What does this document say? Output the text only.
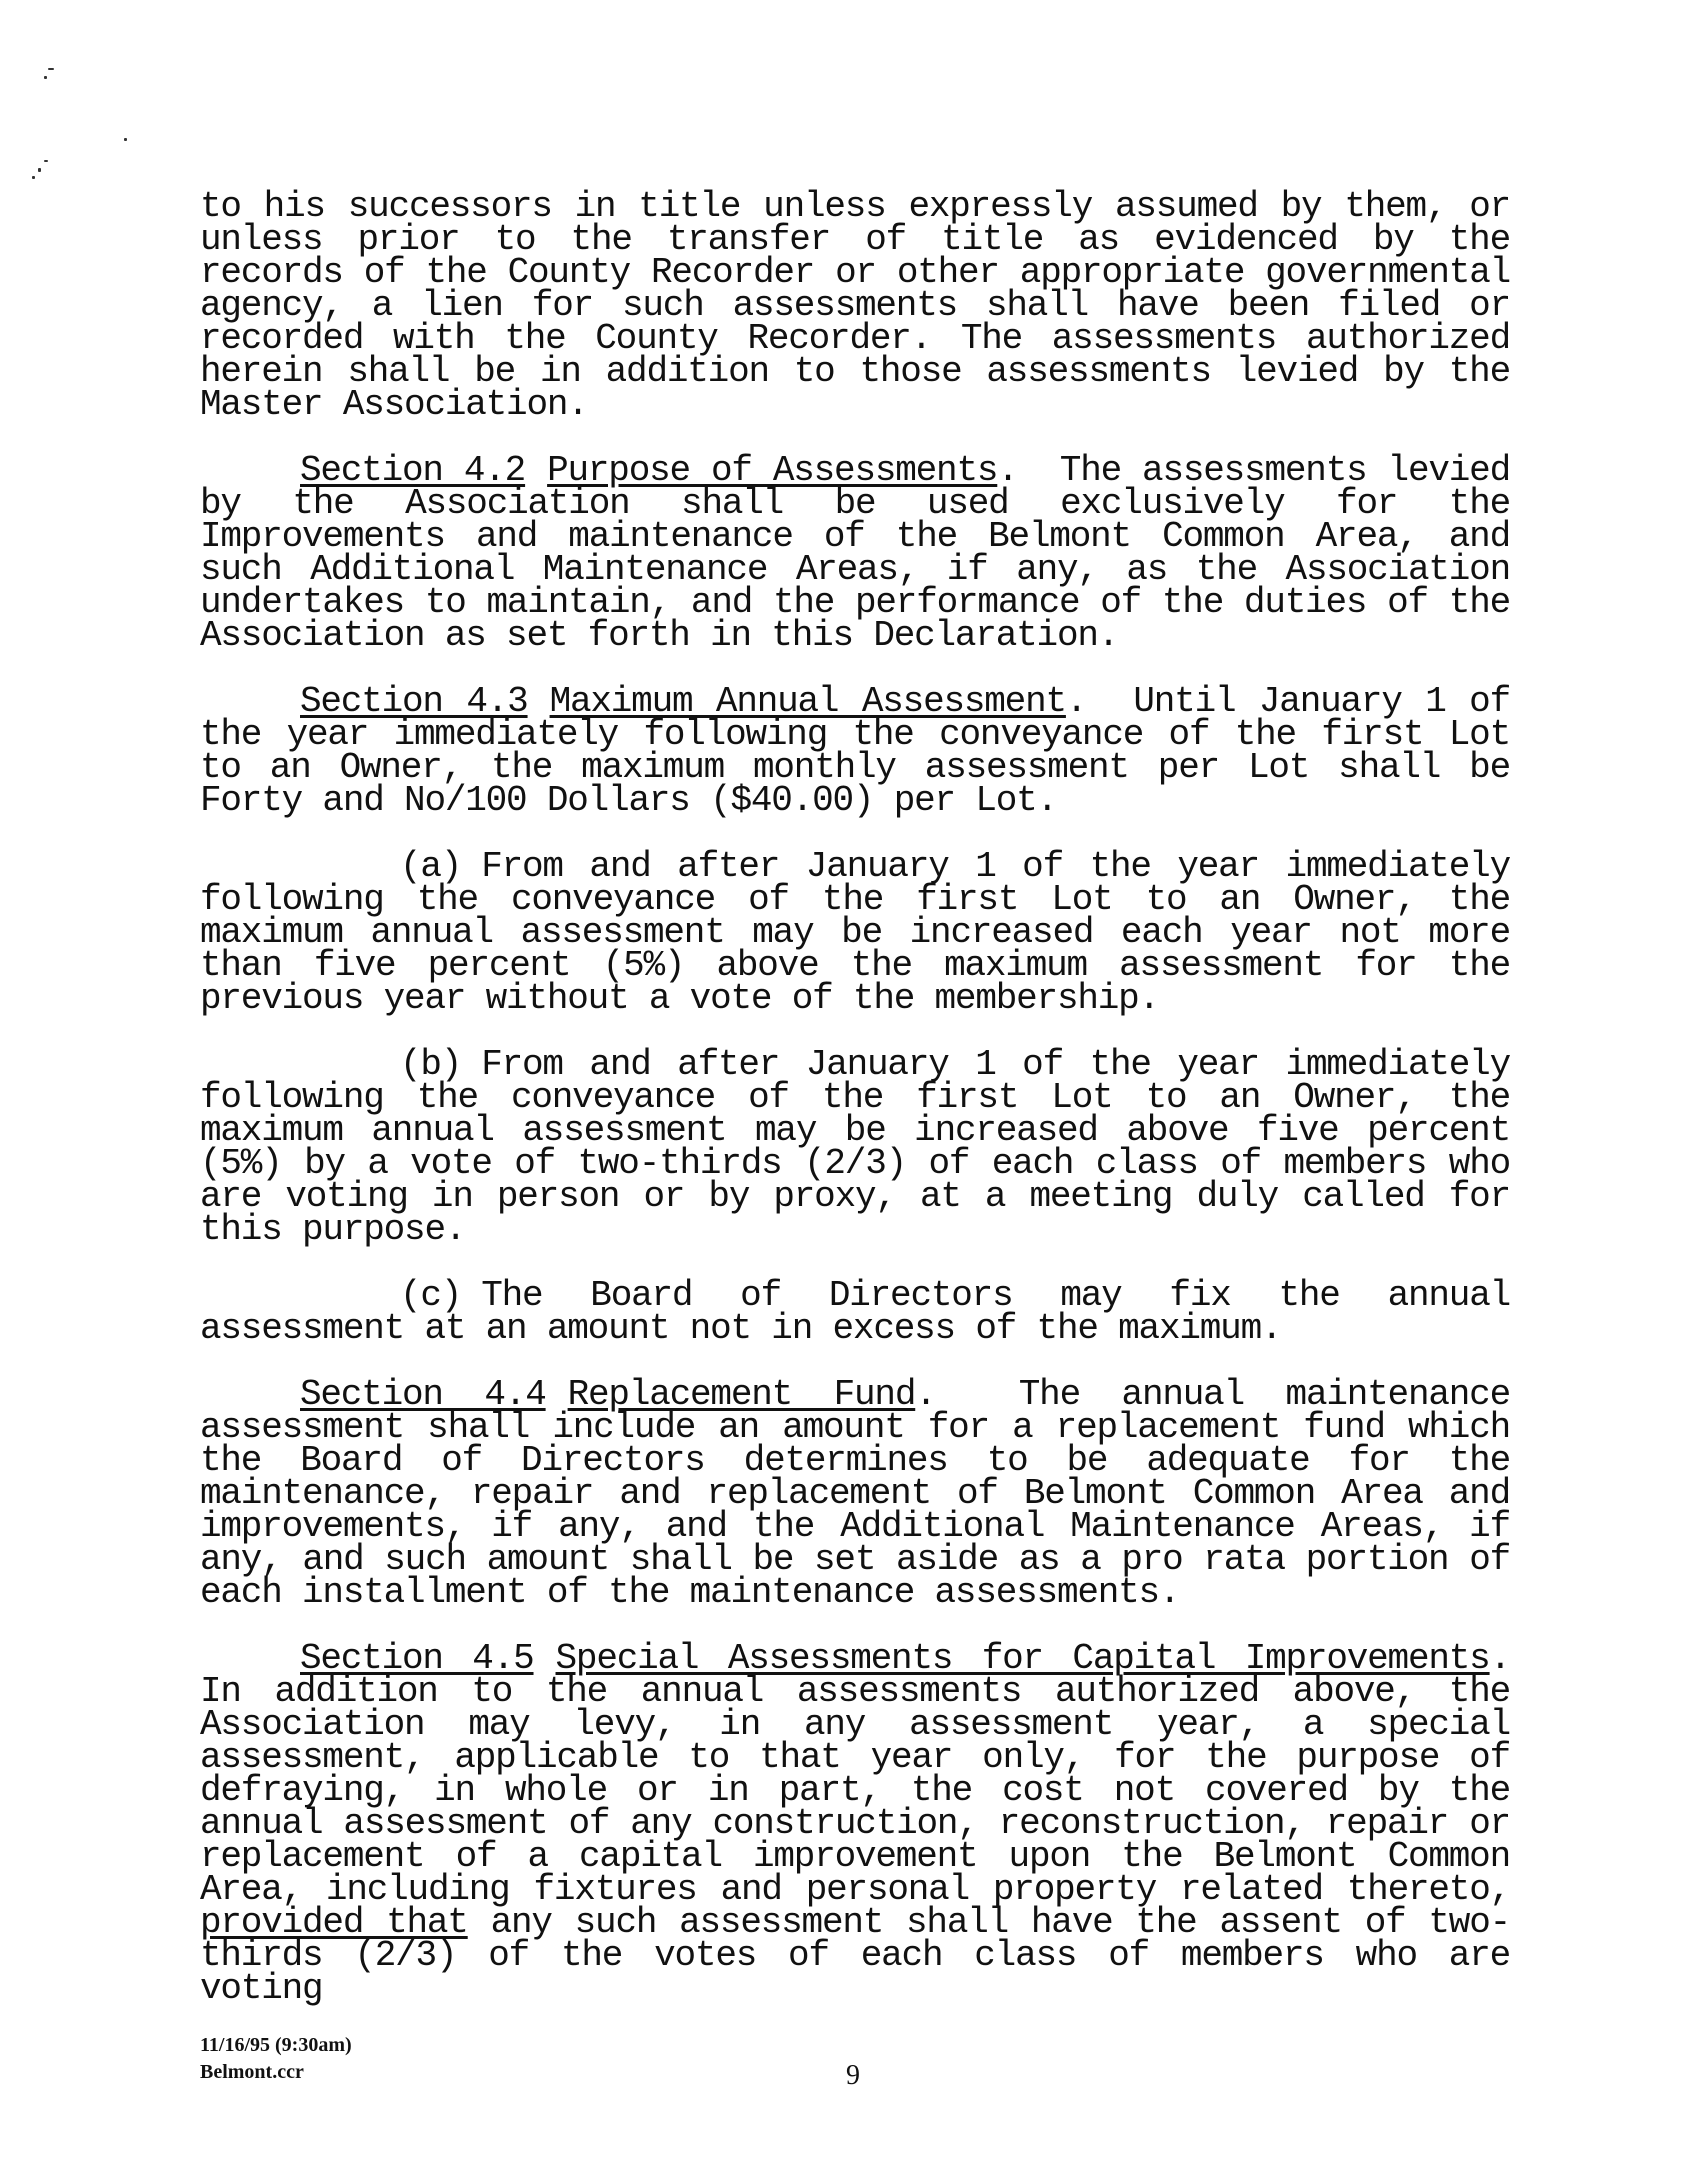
to his successors in title unless expressly assumed by them, or unless prior to the transfer of title as evidenced by the records of the County Recorder or other appropriate governmental agency, a lien for such assessments shall have been filed or recorded with the County Recorder. The assessments authorized herein shall be in addition to those assessments levied by the Master Association.

Section 4.2 Purpose of Assessments.  The assessments levied by the Association shall be used exclusively for the Improvements and maintenance of the Belmont Common Area, and such Additional Maintenance Areas, if any, as the Association undertakes to maintain, and the performance of the duties of the Association as set forth in this Declaration.

Section 4.3 Maximum Annual Assessment.  Until January 1 of the year immediately following the conveyance of the first Lot to an Owner, the maximum monthly assessment per Lot shall be Forty and No/100 Dollars ($40.00) per Lot.

(a) From and after January 1 of the year immediately following the conveyance of the first Lot to an Owner, the maximum annual assessment may be increased each year not more than five percent (5%) above the maximum assessment for the previous year without a vote of the membership.

(b) From and after January 1 of the year immediately following the conveyance of the first Lot to an Owner, the maximum annual assessment may be increased above five percent (5%) by a vote of two-thirds (2/3) of each class of members who are voting in person or by proxy, at a meeting duly called for this purpose.

(c) The Board of Directors may fix the annual assessment at an amount not in excess of the maximum.

Section 4.4 Replacement Fund.  The annual maintenance assessment shall include an amount for a replacement fund which the Board of Directors determines to be adequate for the maintenance, repair and replacement of Belmont Common Area and improvements, if any, and the Additional Maintenance Areas, if any, and such amount shall be set aside as a pro rata portion of each installment of the maintenance assessments.

Section 4.5 Special Assessments for Capital Improvements. In addition to the annual assessments authorized above, the Association may levy, in any assessment year, a special assessment, applicable to that year only, for the purpose of defraying, in whole or in part, the cost not covered by the annual assessment of any construction, reconstruction, repair or replacement of a capital improvement upon the Belmont Common Area, including fixtures and personal property related thereto, provided that any such assessment shall have the assent of two-thirds (2/3) of the votes of each class of members who are voting

11/16/95 (9:30am)
Belmont.ccr	9
